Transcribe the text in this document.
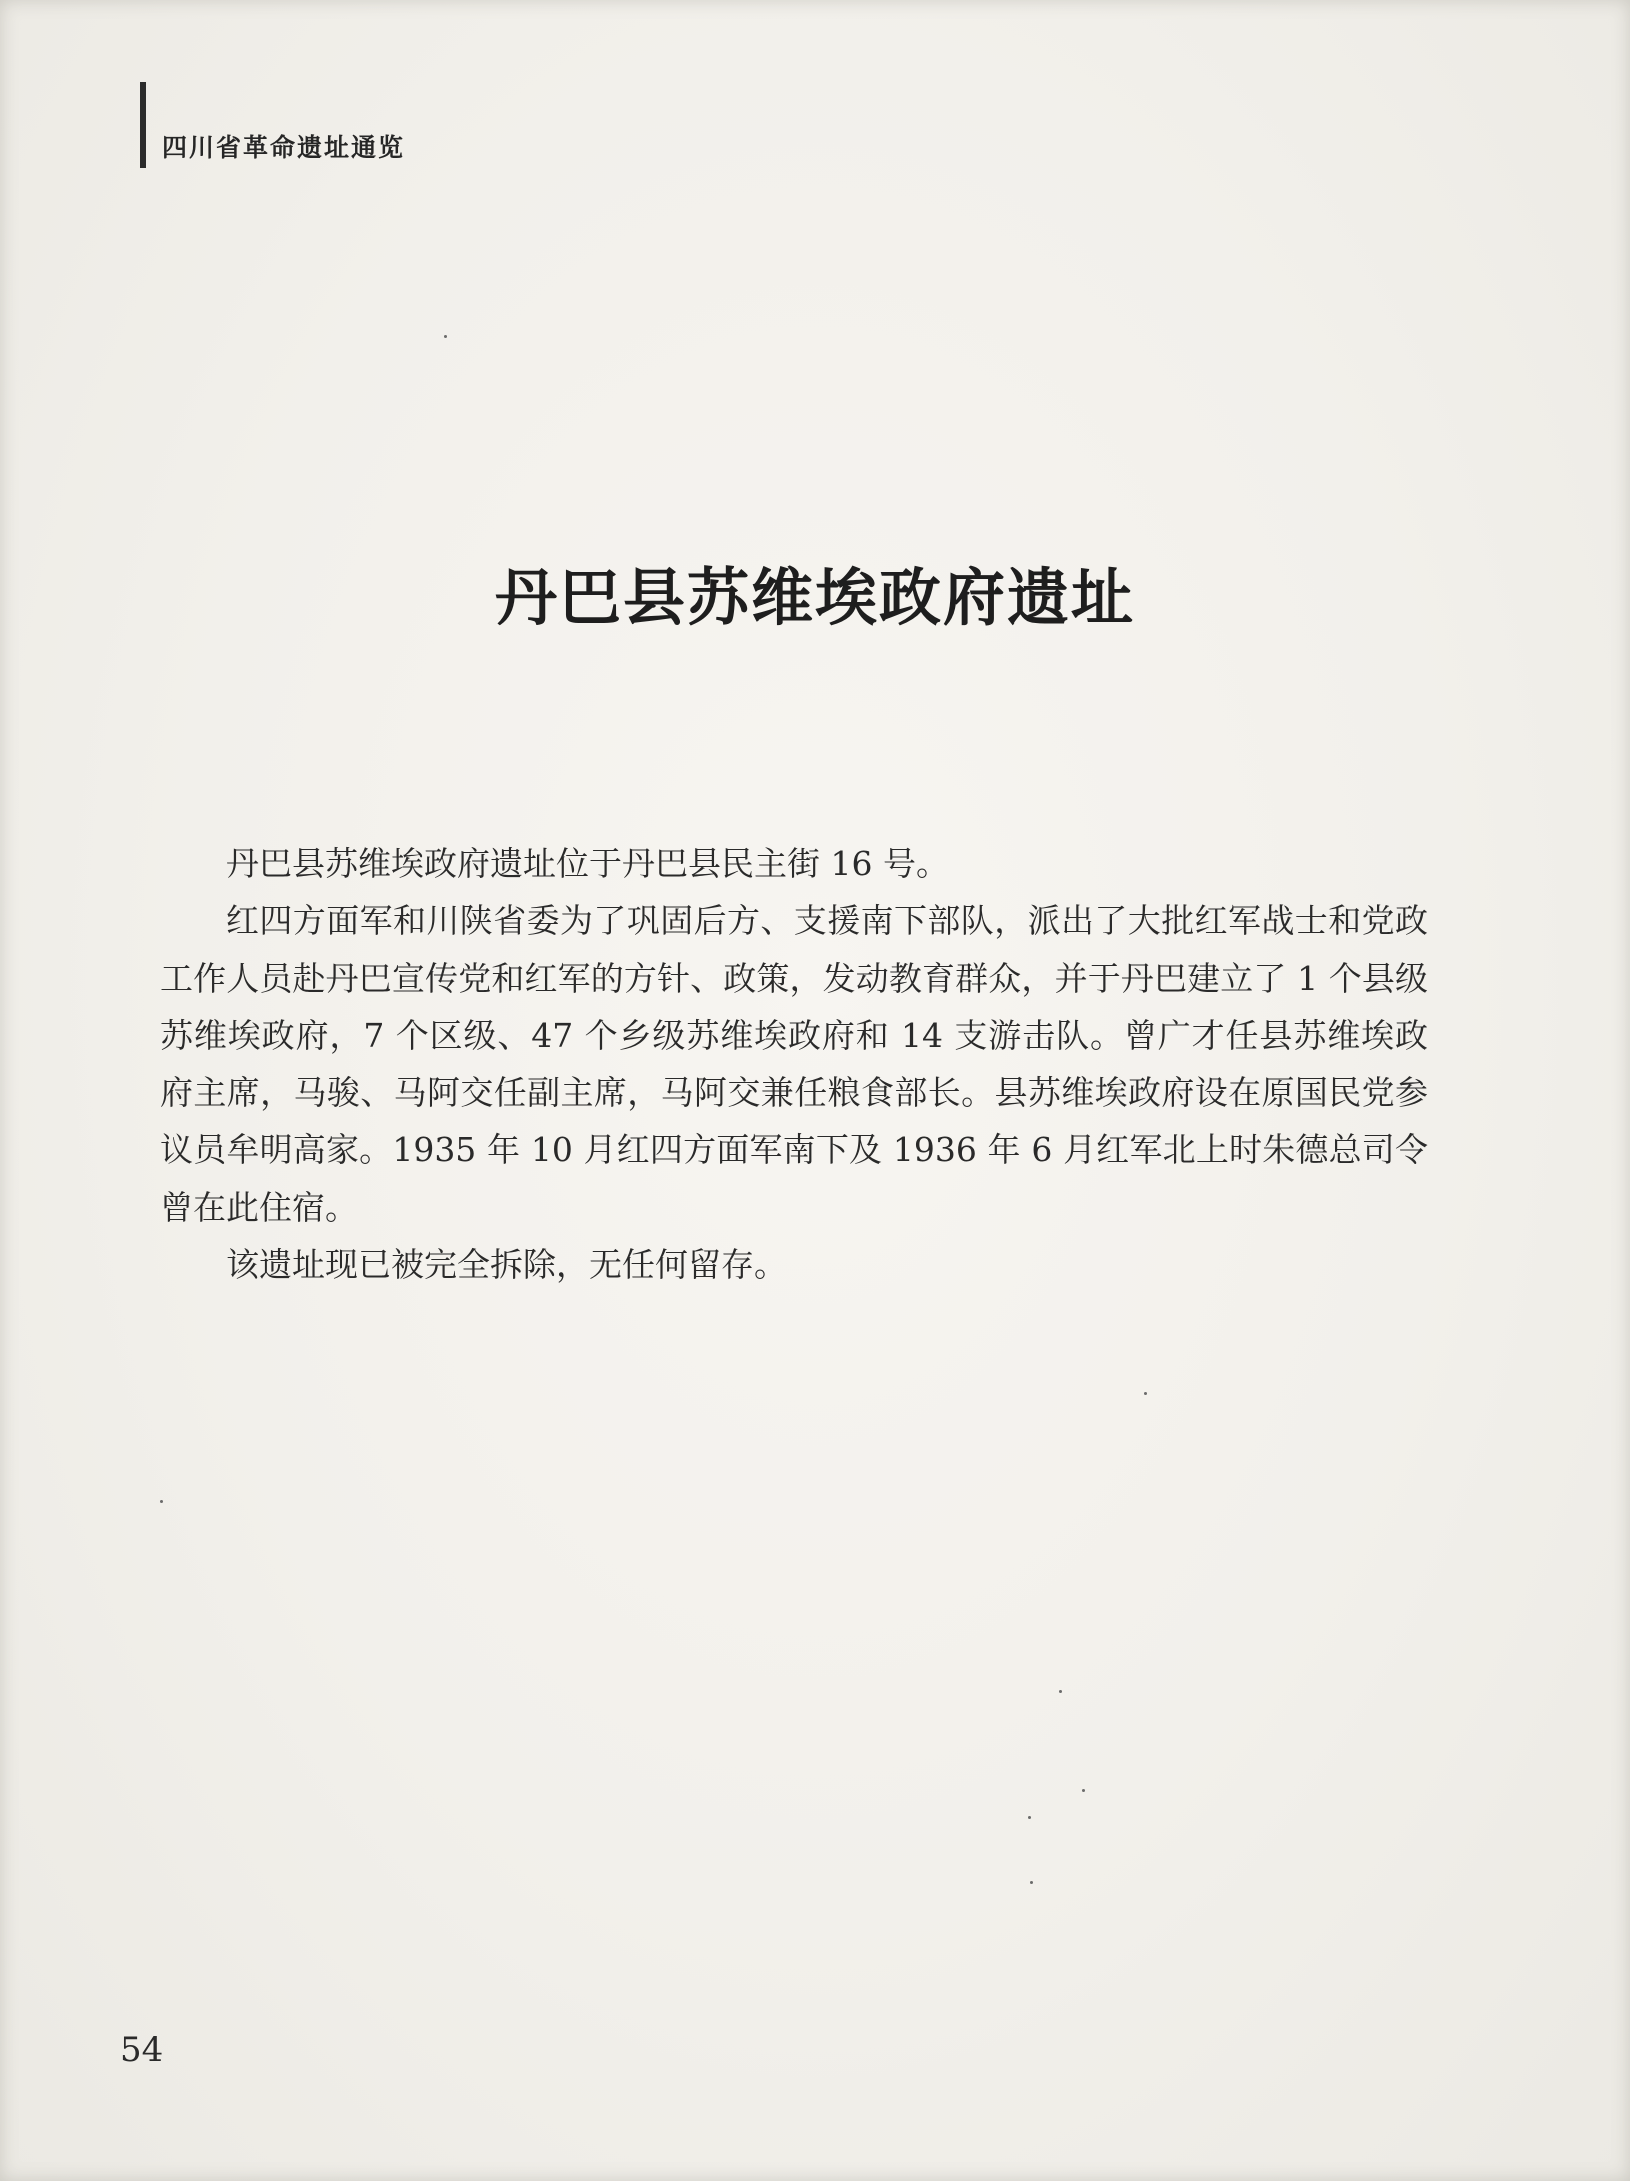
四川省革命遗址通览
丹巴县苏维埃政府遗址

丹巴县苏维埃政府遗址位于丹巴县民主街 16 号。

红四方面军和川陕省委为了巩固后方、支援南下部队，派出了大批红军战士和党政工作人员赴丹巴宣传党和红军的方针、政策，发动教育群众，并于丹巴建立了 1 个县级苏维埃政府，7 个区级、47 个乡级苏维埃政府和 14 支游击队。曾广才任县苏维埃政府主席，马骏、马阿交任副主席，马阿交兼任粮食部长。县苏维埃政府设在原国民党参议员牟明高家。1935 年 10 月红四方面军南下及 1936 年 6 月红军北上时朱德总司令曾在此住宿。

该遗址现已被完全拆除，无任何留存。

54
